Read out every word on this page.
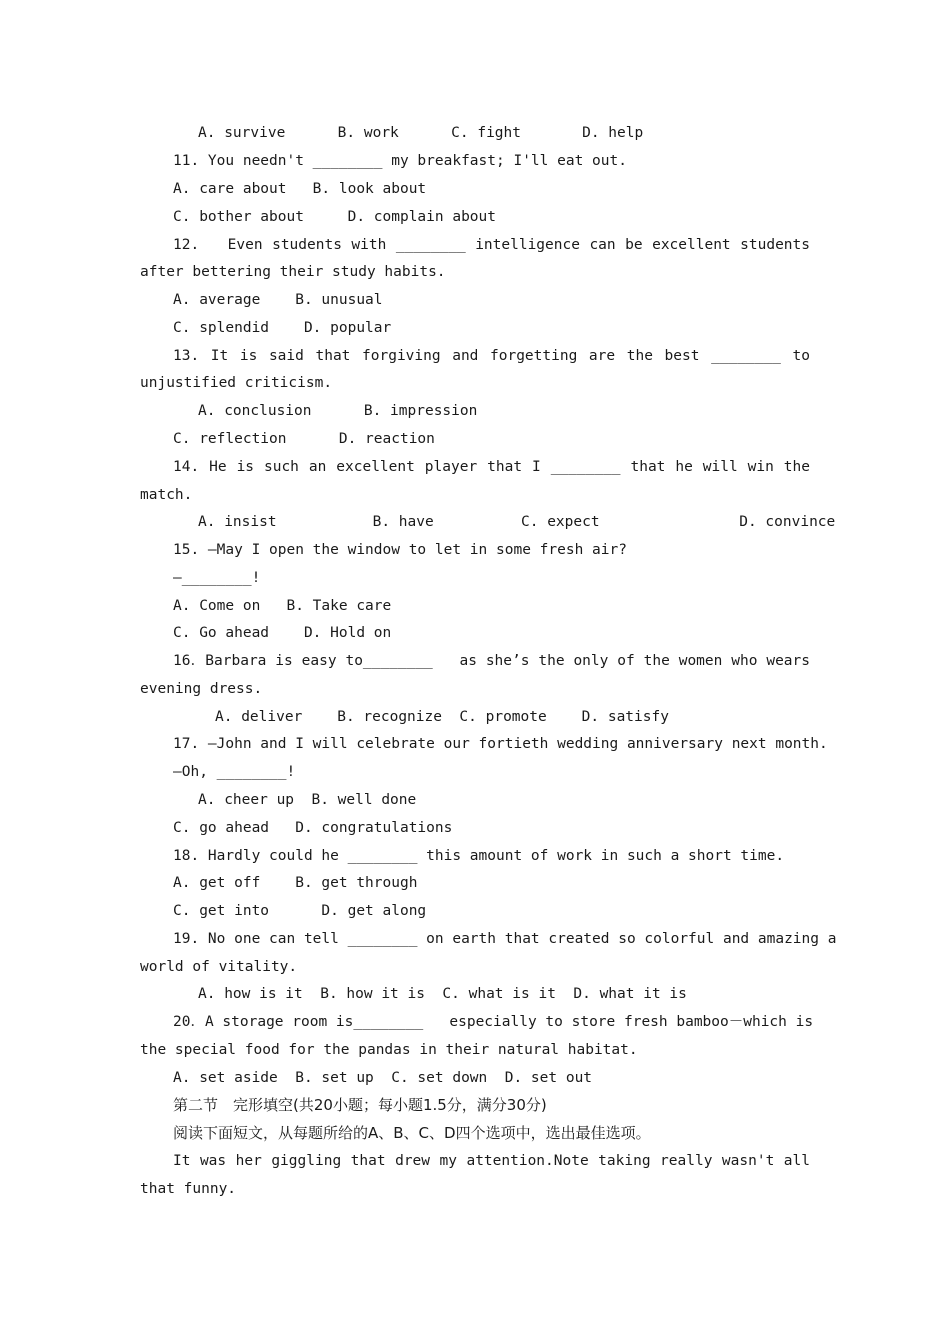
A. survive      B. work      C. fight       D. help
11. You needn't ________ my breakfast; I'll eat out.
A. care about   B. look about
C. bother about     D. complain about
12.   Even students with ________ intelligence can be excellent students
after bettering their study habits.
A. average    B. unusual
C. splendid    D. popular
13. It is said that forgiving and forgetting are the best ________ to
unjustified criticism.
A. conclusion      B. impression
C. reflection      D. reaction
14. He is such an excellent player that I ________ that he will win the
match.
A. insist           B. have          C. expect                D. convince
15. —May I open the window to let in some fresh air?
—________!
A. Come on   B. Take care
C. Go ahead    D. Hold on
16．Barbara is easy to________   as she’s the only of the women who wears
evening dress.
A. deliver    B. recognize  C. promote    D. satisfy
17. —John and I will celebrate our fortieth wedding anniversary next month.
—Oh, ________!
A. cheer up  B. well done
C. go ahead   D. congratulations
18. Hardly could he ________ this amount of work in such a short time.
A. get off    B. get through
C. get into      D. get along
19. No one can tell ________ on earth that created so colorful and amazing a
world of vitality.
A. how is it  B. how it is  C. what is it  D. what it is
20．A storage room is________   especially to store fresh bamboo－which is
the special food for the pandas in their natural habitat.
A. set aside  B. set up  C. set down  D. set out
第二节　完形填空(共20小题；每小题1.5分，满分30分)
阅读下面短文，从每题所给的A、B、C、D四个选项中，选出最佳选项。
It was her giggling that drew my attention.Note taking really wasn't all
that funny.
